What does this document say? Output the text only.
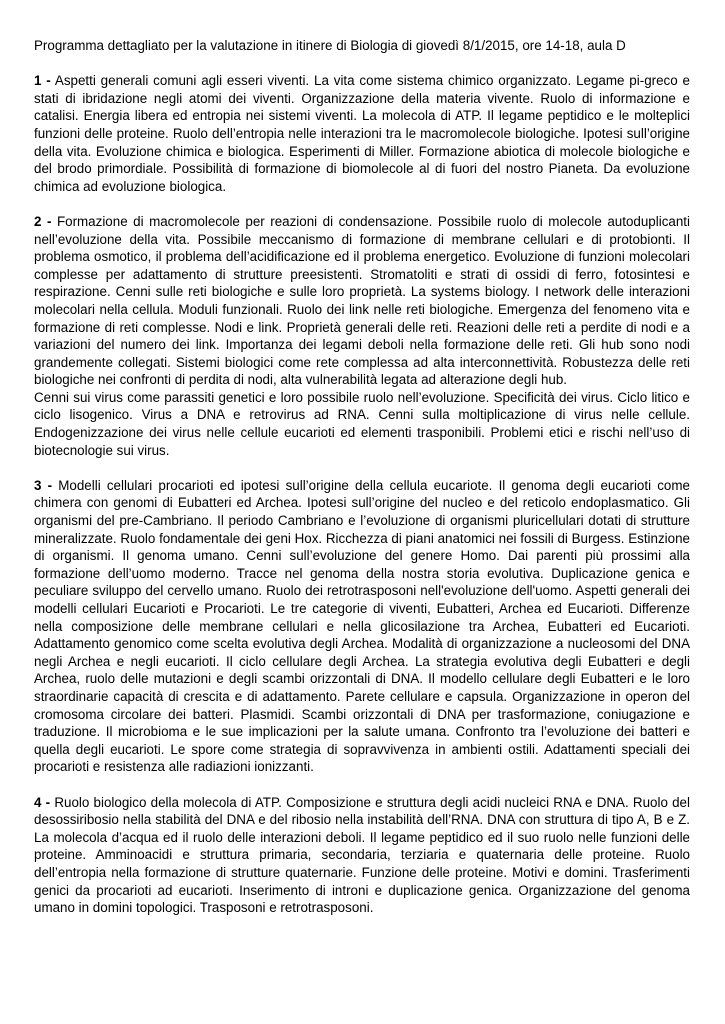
Programma dettagliato per la valutazione in itinere di Biologia di giovedì 8/1/2015, ore 14-18, aula D

1 - Aspetti generali comuni agli esseri viventi. La vita come sistema chimico organizzato. Legame pi-greco e stati di ibridazione negli atomi dei viventi. Organizzazione della materia vivente. Ruolo di informazione e catalisi. Energia libera ed entropia nei sistemi viventi. La molecola di ATP. Il legame peptidico e le molteplici funzioni delle proteine. Ruolo dell’entropia nelle interazioni tra le macromolecole biologiche. Ipotesi sull’origine della vita. Evoluzione chimica e biologica. Esperimenti di Miller. Formazione abiotica di molecole biologiche e del brodo primordiale. Possibilità di formazione di biomolecole al di fuori del nostro Pianeta. Da evoluzione chimica ad evoluzione biologica.

2 - Formazione di macromolecole per reazioni di condensazione. Possibile ruolo di molecole autoduplicanti nell’evoluzione della vita. Possibile meccanismo di formazione di membrane cellulari e di protobionti. Il problema osmotico, il problema dell’acidificazione ed il problema energetico. Evoluzione di funzioni molecolari complesse per adattamento di strutture preesistenti. Stromatoliti e strati di ossidi di ferro, fotosintesi e respirazione. Cenni sulle reti biologiche e sulle loro proprietà. La systems biology. I network delle interazioni molecolari nella cellula. Moduli funzionali. Ruolo dei link nelle reti biologiche. Emergenza del fenomeno vita e formazione di reti complesse. Nodi e link. Proprietà generali delle reti. Reazioni delle reti a perdite di nodi e a variazioni del numero dei link. Importanza dei legami deboli nella formazione delle reti. Gli hub sono nodi grandemente collegati. Sistemi biologici come rete complessa ad alta interconnettività. Robustezza delle reti biologiche nei confronti di perdita di nodi, alta vulnerabilità legata ad alterazione degli hub.

Cenni sui virus come parassiti genetici e loro possibile ruolo nell’evoluzione. Specificità dei virus. Ciclo litico e ciclo lisogenico. Virus a DNA e retrovirus ad RNA. Cenni sulla moltiplicazione di virus nelle cellule. Endogenizzazione dei virus nelle cellule eucarioti ed elementi trasponibili. Problemi etici e rischi nell’uso di biotecnologie sui virus.

3 - Modelli cellulari procarioti ed ipotesi sull’origine della cellula eucariote. Il genoma degli eucarioti come chimera con genomi di Eubatteri ed Archea. Ipotesi sull’origine del nucleo e del reticolo endoplasmatico. Gli organismi del pre-Cambriano. Il periodo Cambriano e l’evoluzione di organismi pluricellulari dotati di strutture mineralizzate. Ruolo fondamentale dei geni Hox. Ricchezza di piani anatomici nei fossili di Burgess. Estinzione di organismi. Il genoma umano. Cenni sull’evoluzione del genere Homo. Dai parenti più prossimi alla formazione dell’uomo moderno. Tracce nel genoma della nostra storia evolutiva. Duplicazione genica e peculiare sviluppo del cervello umano. Ruolo dei retrotrasposoni nell'evoluzione dell'uomo. Aspetti generali dei modelli cellulari Eucarioti e Procarioti. Le tre categorie di viventi, Eubatteri, Archea ed Eucarioti. Differenze nella composizione delle membrane cellulari e nella glicosilazione tra Archea, Eubatteri ed Eucarioti. Adattamento genomico come scelta evolutiva degli Archea. Modalità di organizzazione a nucleosomi del DNA negli Archea e negli eucarioti. Il ciclo cellulare degli Archea. La strategia evolutiva degli Eubatteri e degli Archea, ruolo delle mutazioni e degli scambi orizzontali di DNA. Il modello cellulare degli Eubatteri e le loro straordinarie capacità di crescita e di adattamento. Parete cellulare e capsula. Organizzazione in operon del cromosoma circolare dei batteri. Plasmidi. Scambi orizzontali di DNA per trasformazione, coniugazione e traduzione. Il microbioma e le sue implicazioni per la salute umana. Confronto tra l’evoluzione dei batteri e quella degli eucarioti. Le spore come strategia di sopravvivenza in ambienti ostili. Adattamenti speciali dei procarioti e resistenza alle radiazioni ionizzanti.

4 - Ruolo biologico della molecola di ATP. Composizione e struttura degli acidi nucleici RNA e DNA. Ruolo del desossiribosio nella stabilità del DNA e del ribosio nella instabilità dell’RNA. DNA con struttura di tipo A, B e Z. La molecola d’acqua ed il ruolo delle interazioni deboli. Il legame peptidico ed il suo ruolo nelle funzioni delle proteine. Amminoacidi e struttura primaria, secondaria, terziaria e quaternaria delle proteine. Ruolo dell’entropia nella formazione di strutture quaternarie. Funzione delle proteine. Motivi e domini. Trasferimenti genici da procarioti ad eucarioti. Inserimento di introni e duplicazione genica. Organizzazione del genoma umano in domini topologici. Trasposoni e retrotrasposoni.
